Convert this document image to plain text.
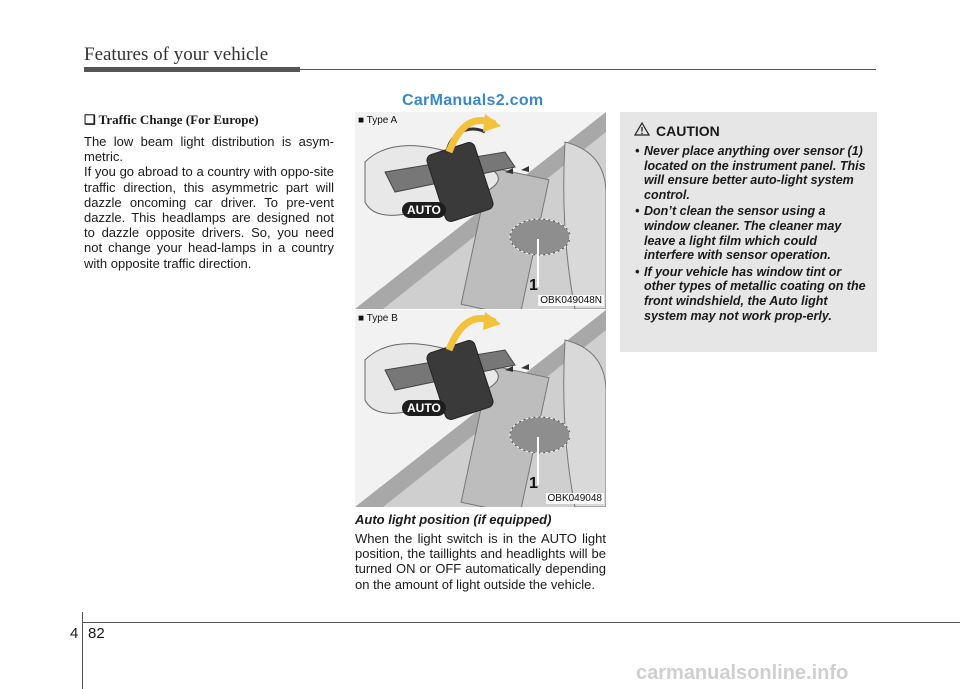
Features of your vehicle
CarManuals2.com
❑ Traffic Change (For Europe)

The low beam light distribution is asym-metric.

If you go abroad to a country with oppo-site traffic direction, this asymmetric part will dazzle oncoming car driver. To pre-vent dazzle. This headlamps are designed not to dazzle opposite drivers. So, you need not change your head-lamps in a country with opposite traffic direction.

■ Type A
AUTO
1
OBK049048N
■ Type B
AUTO
1
OBK049048
Auto light position (if equipped)
When the light switch is in the AUTO light position, the taillights and headlights will be turned ON or OFF automatically depending on the amount of light outside the vehicle.
CAUTION
• Never place anything over sensor (1) located on the instrument panel. This will ensure better auto-light system control.
• Don’t clean the sensor using a window cleaner. The cleaner may leave a light film which could interfere with sensor operation.
• If your vehicle has window tint or other types of metallic coating on the front windshield, the Auto light system may not work prop-erly.
4 82
carmanualsonline.info
